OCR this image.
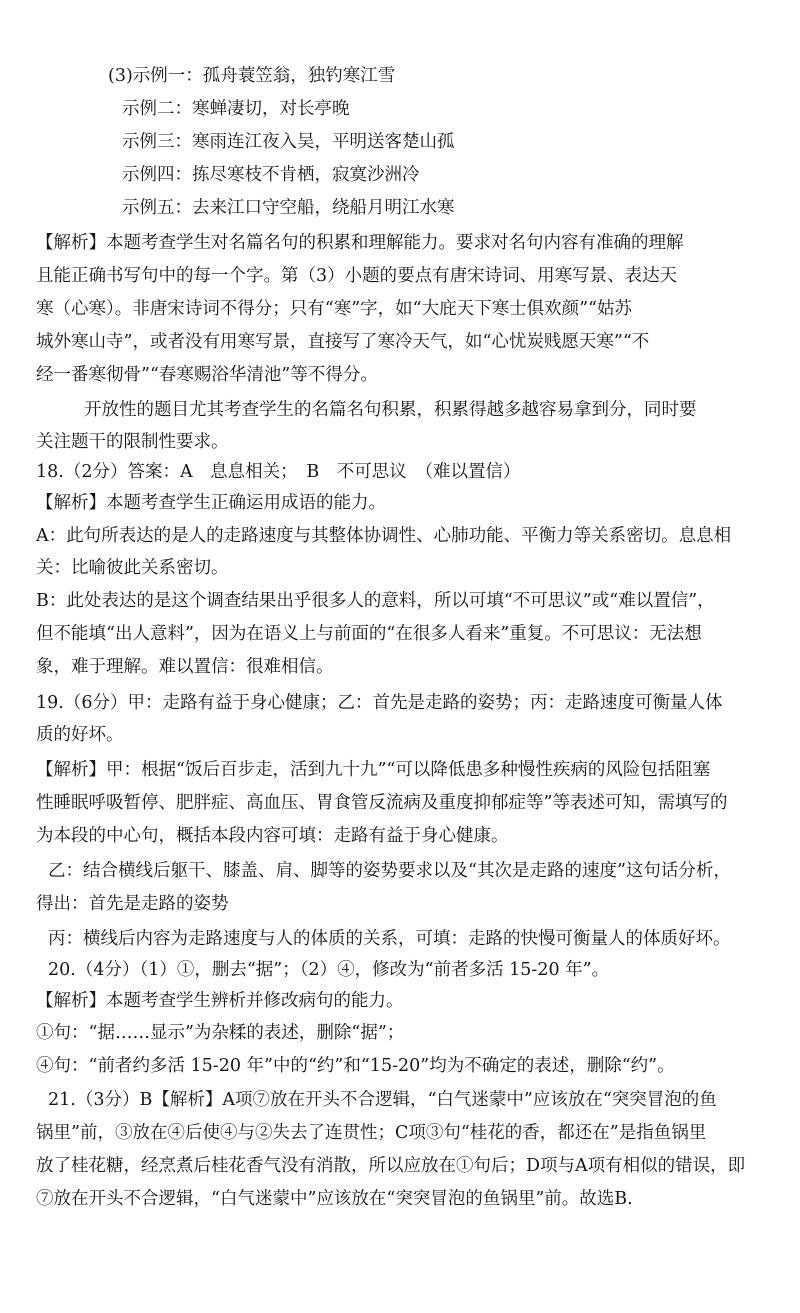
(3)示例一：孤舟蓑笠翁，独钓寒江雪
示例二：寒蝉凄切，对长亭晚
示例三：寒雨连江夜入吴，平明送客楚山孤
示例四：拣尽寒枝不肯栖，寂寞沙洲冷
示例五：去来江口守空船，绕船月明江水寒
【解析】本题考查学生对名篇名句的积累和理解能力。要求对名句内容有准确的理解
且能正确书写句中的每一个字。第（3）小题的要点有唐宋诗词、用寒写景、表达天
寒（心寒）。非唐宋诗词不得分；只有“寒”字，如“大庇天下寒士俱欢颜”“姑苏
城外寒山寺”，或者没有用寒写景，直接写了寒冷天气，如“心忧炭贱愿天寒”“不
经一番寒彻骨”“春寒赐浴华清池”等不得分。
开放性的题目尤其考查学生的名篇名句积累，积累得越多越容易拿到分，同时要
关注题干的限制性要求。
18.（2分）答案：A　息息相关；　B　不可思议　（难以置信）
【解析】本题考查学生正确运用成语的能力。
A：此句所表达的是人的走路速度与其整体协调性、心肺功能、平衡力等关系密切。息息相
关：比喻彼此关系密切。
B：此处表达的是这个调查结果出乎很多人的意料，所以可填“不可思议”或“难以置信”，
但不能填“出人意料”，因为在语义上与前面的“在很多人看来”重复。不可思议：无法想
象，难于理解。难以置信：很难相信。
19.（6分）甲：走路有益于身心健康；乙：首先是走路的姿势；丙：走路速度可衡量人体
质的好坏。
【解析】甲：根据“饭后百步走，活到九十九”“可以降低患多种慢性疾病的风险包括阻塞
性睡眠呼吸暂停、肥胖症、高血压、胃食管反流病及重度抑郁症等”等表述可知，需填写的
为本段的中心句，概括本段内容可填：走路有益于身心健康。
乙：结合横线后躯干、膝盖、肩、脚等的姿势要求以及“其次是走路的速度”这句话分析，
得出：首先是走路的姿势
丙：横线后内容为走路速度与人的体质的关系，可填：走路的快慢可衡量人的体质好坏。
20.（4分）（1）①，删去“据”；（2）④，修改为“前者多活 15-20 年”。
【解析】本题考查学生辨析并修改病句的能力。
①句：“据……显示”为杂糅的表述，删除“据”；
④句：“前者约多活 15-20 年”中的“约”和“15-20”均为不确定的表述，删除“约”。
21.（3分）B【解析】A项⑦放在开头不合逻辑，“白气迷蒙中”应该放在“突突冒泡的鱼
锅里”前，③放在④后使④与②失去了连贯性；C项③句“桂花的香，都还在”是指鱼锅里
放了桂花糖，经烹煮后桂花香气没有消散，所以应放在①句后；D项与A项有相似的错误，即
⑦放在开头不合逻辑，“白气迷蒙中”应该放在“突突冒泡的鱼锅里”前。故选B.
